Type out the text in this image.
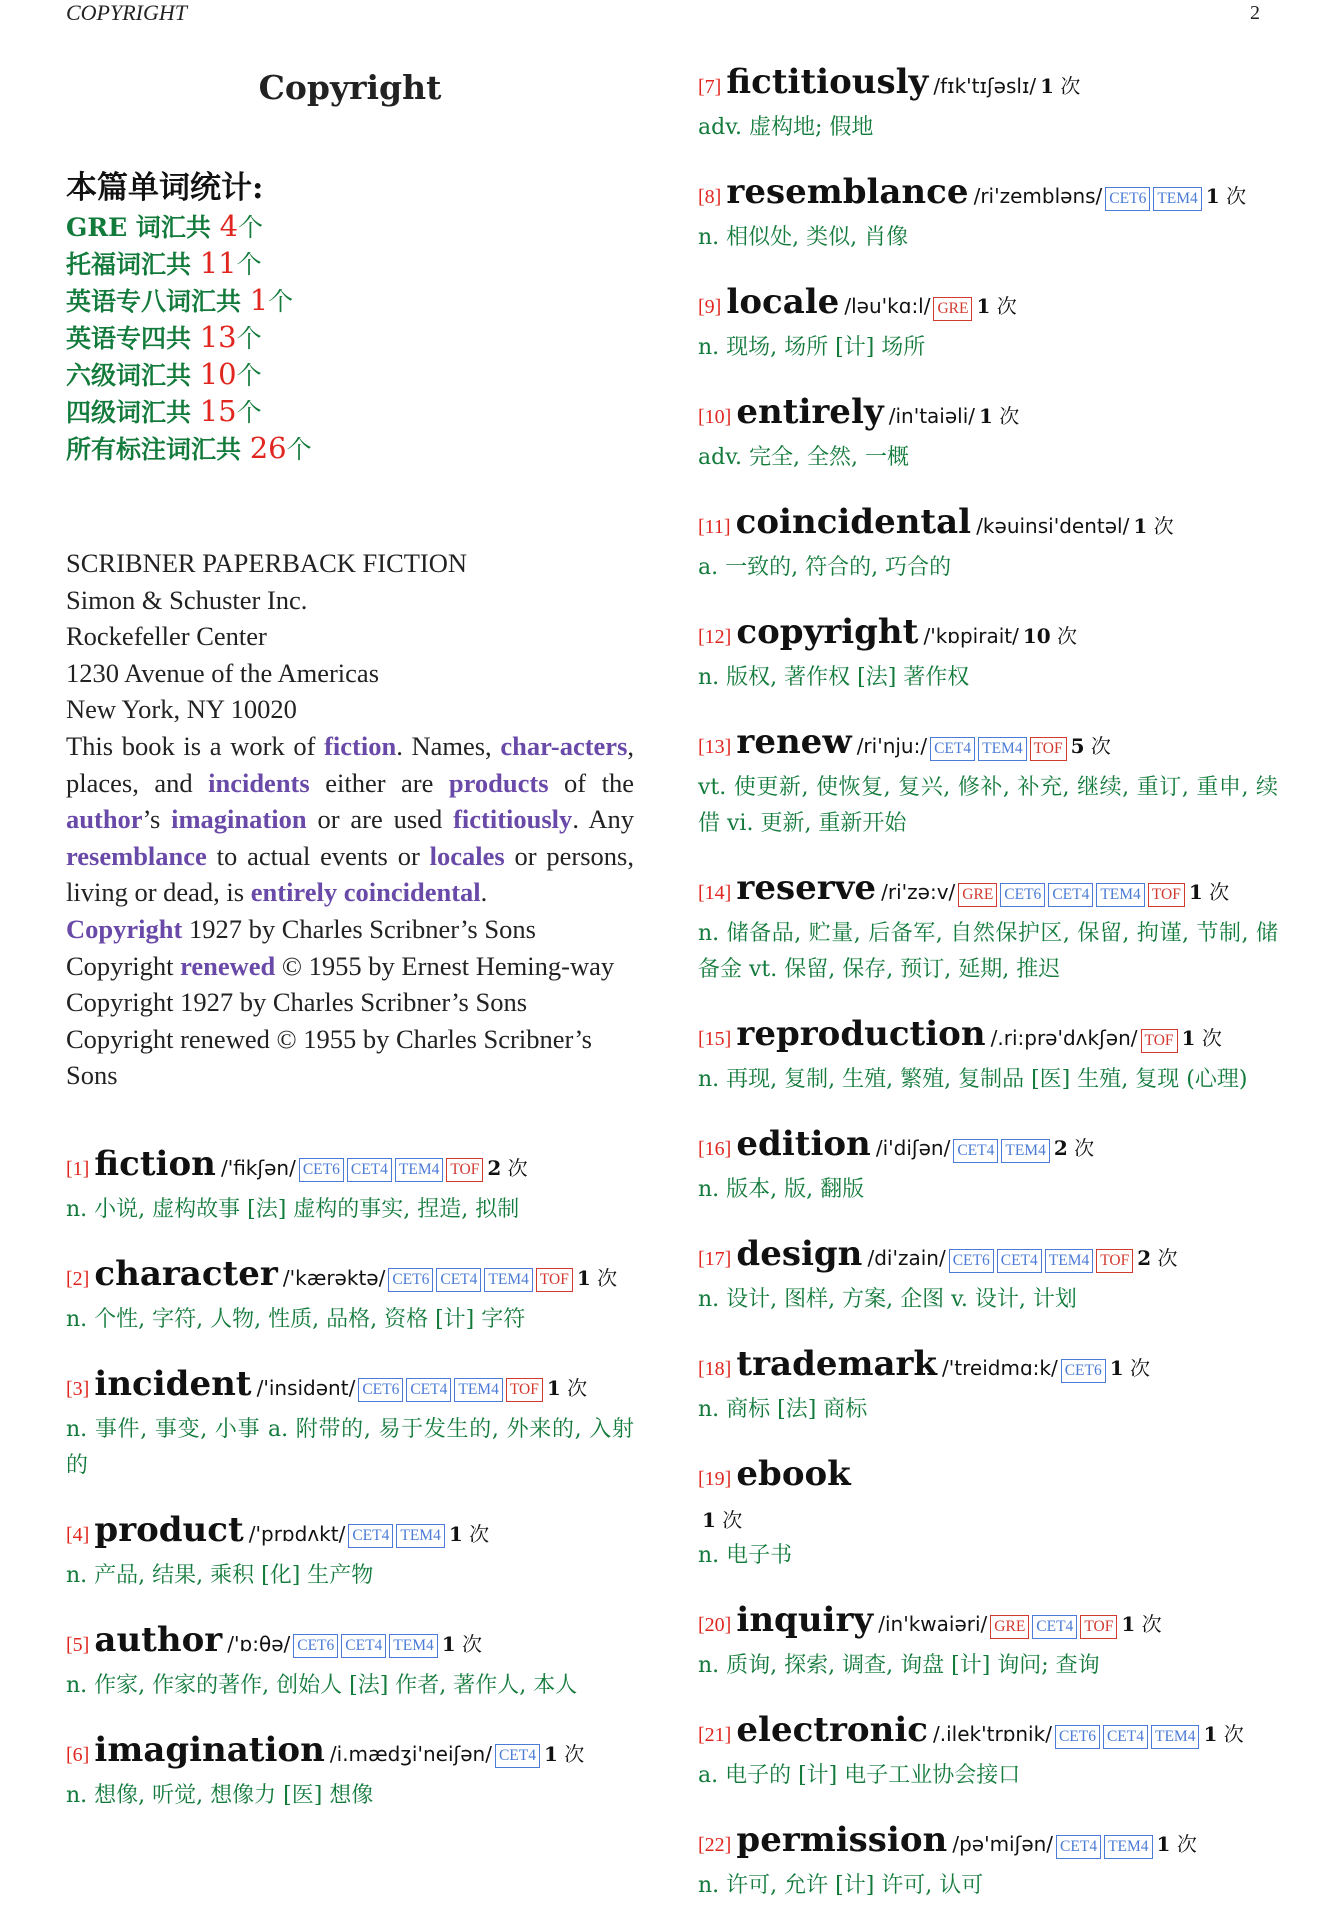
COPYRIGHT	2
Copyright
本篇单词统计:
GRE 词汇共 4个
托福词汇共 11个
英语专八词汇共 1个
英语专四共 13个
六级词汇共 10个
四级词汇共 15个
所有标注词汇共 26个

SCRIBNER PAPERBACK FICTION

Simon & Schuster Inc.

Rockefeller Center

1230 Avenue of the Americas

New York, NY 10020

This book is a work of fiction. Names, char-acters, places, and incidents either are products of the author’s imagination or are used fictitiously. Any resemblance to actual events or locales or persons, living or dead, is entirely coincidental.

Copyright 1927 by Charles Scribner’s Sons

Copyright renewed © 1955 by Ernest Heming-way

Copyright 1927 by Charles Scribner’s Sons

Copyright renewed © 1955 by Charles Scribner’s Sons

[1] fiction /'fikʃən/ CET6 CET4 TEM4 TOF 2 次
n. 小说, 虚构故事 [法] 虚构的事实, 捏造, 拟制
[2] character /'kærəktə/ CET6 CET4 TEM4 TOF 1 次
n. 个性, 字符, 人物, 性质, 品格, 资格 [计] 字符
[3] incident /'insidənt/ CET6 CET4 TEM4 TOF 1 次
n. 事件, 事变, 小事 a. 附带的, 易于发生的, 外来的, 入射的
[4] product /'prɒdʌkt/ CET4 TEM4 1 次
n. 产品, 结果, 乘积 [化] 生产物
[5] author /'ɒ:θə/ CET6 CET4 TEM4 1 次
n. 作家, 作家的著作, 创始人 [法] 作者, 著作人, 本人
[6] imagination /i.mædʒi'neiʃən/ CET4 1 次
n. 想像, 听觉, 想像力 [医] 想像
[7] fictitiously /fɪk'tɪʃəslɪ/ 1 次
adv. 虚构地; 假地
[8] resemblance /ri'zembləns/ CET6 TEM4 1 次
n. 相似处, 类似, 肖像
[9] locale /ləu'kɑ:l/ GRE 1 次
n. 现场, 场所 [计] 场所
[10] entirely /in'taiəli/ 1 次
adv. 完全, 全然, 一概
[11] coincidental /kəuinsi'dentəl/ 1 次
a. 一致的, 符合的, 巧合的
[12] copyright /'kɒpirait/ 10 次
n. 版权, 著作权 [法] 著作权
[13] renew /ri'nju:/ CET4 TEM4 TOF 5 次
vt. 使更新, 使恢复, 复兴, 修补, 补充, 继续, 重订, 重申, 续借 vi. 更新, 重新开始
[14] reserve /ri'zə:v/ GRE CET6 CET4 TEM4 TOF 1 次
n. 储备品, 贮量, 后备军, 自然保护区, 保留, 拘谨, 节制, 储备金 vt. 保留, 保存, 预订, 延期, 推迟
[15] reproduction /.ri:prə'dʌkʃən/ TOF 1 次
n. 再现, 复制, 生殖, 繁殖, 复制品 [医] 生殖, 复现 (心理)
[16] edition /i'diʃən/ CET4 TEM4 2 次
n. 版本, 版, 翻版
[17] design /di'zain/ CET6 CET4 TEM4 TOF 2 次
n. 设计, 图样, 方案, 企图 v. 设计, 计划
[18] trademark /'treidmɑ:k/ CET6 1 次
n. 商标 [法] 商标
[19] ebook
1 次
n. 电子书
[20] inquiry /in'kwaiəri/ GRE CET4 TOF 1 次
n. 质询, 探索, 调查, 询盘 [计] 询问; 查询
[21] electronic /.ilek'trɒnik/ CET6 CET4 TEM4 1 次
a. 电子的 [计] 电子工业协会接口
[22] permission /pə'miʃən/ CET4 TEM4 1 次
n. 许可, 允许 [计] 许可, 认可
